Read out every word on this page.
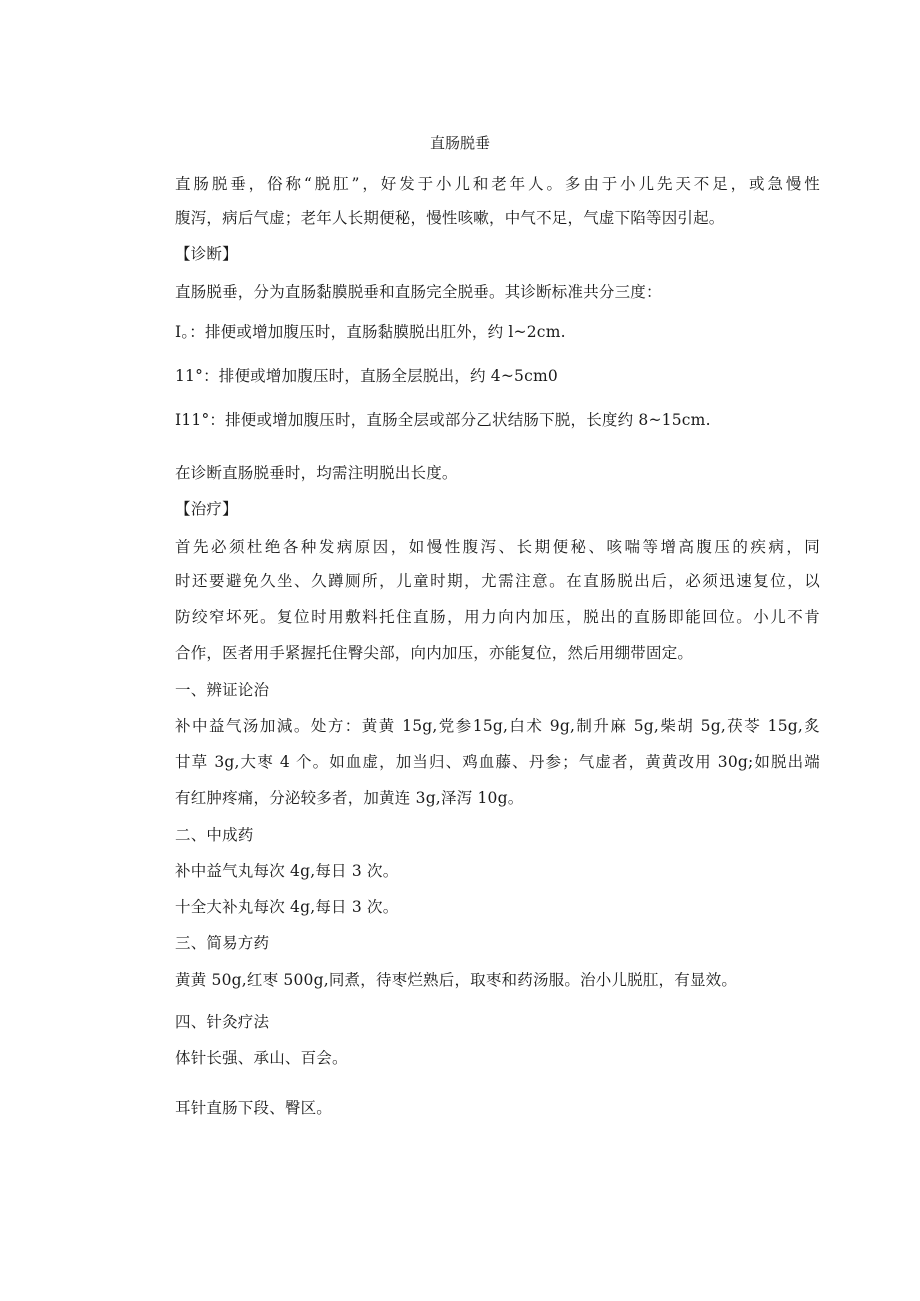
直肠脱垂
直肠脱垂，俗称“脱肛”，好发于小儿和老年人。多由于小儿先天不足，或急慢性
腹泻，病后气虚；老年人长期便秘，慢性咳嗽，中气不足，气虚下陷等因引起。
【诊断】
直肠脱垂，分为直肠黏膜脱垂和直肠完全脱垂。其诊断标准共分三度：
I。：排便或增加腹压时，直肠黏膜脱出肛外，约 l~2cm.
11°：排便或增加腹压时，直肠全层脱出，约 4~5cm0
I11°：排便或增加腹压时，直肠全层或部分乙状结肠下脱，长度约 8~15cm.
在诊断直肠脱垂时，均需注明脱出长度。
【治疗】
首先必须杜绝各种发病原因，如慢性腹泻、长期便秘、咳喘等增高腹压的疾病，同
时还要避免久坐、久蹲厕所，儿童时期，尤需注意。在直肠脱出后，必须迅速复位，以
防绞窄坏死。复位时用敷料托住直肠，用力向内加压，脱出的直肠即能回位。小儿不肯
合作，医者用手紧握托住臀尖部，向内加压，亦能复位，然后用绷带固定。
一、辨证论治
补中益气汤加減。处方：黄黄 15g,党参15g,白术 9g,制升麻 5g,柴胡 5g,茯苓 15g,炙
甘草 3g,大枣 4 个。如血虚，加当归、鸡血藤、丹参；气虚者，黄黄改用 30g;如脱出端
有红肿疼痛，分泌较多者，加黄连 3g,泽泻 10g。
二、中成药
补中益气丸每次 4g,每日 3 次。
十全大补丸每次 4g,每日 3 次。
三、简易方药
黄黄 50g,红枣 500g,同煮，待枣烂熟后，取枣和药汤服。治小儿脱肛，有显效。
四、针灸疗法
体针长强、承山、百会。
耳针直肠下段、臀区。
